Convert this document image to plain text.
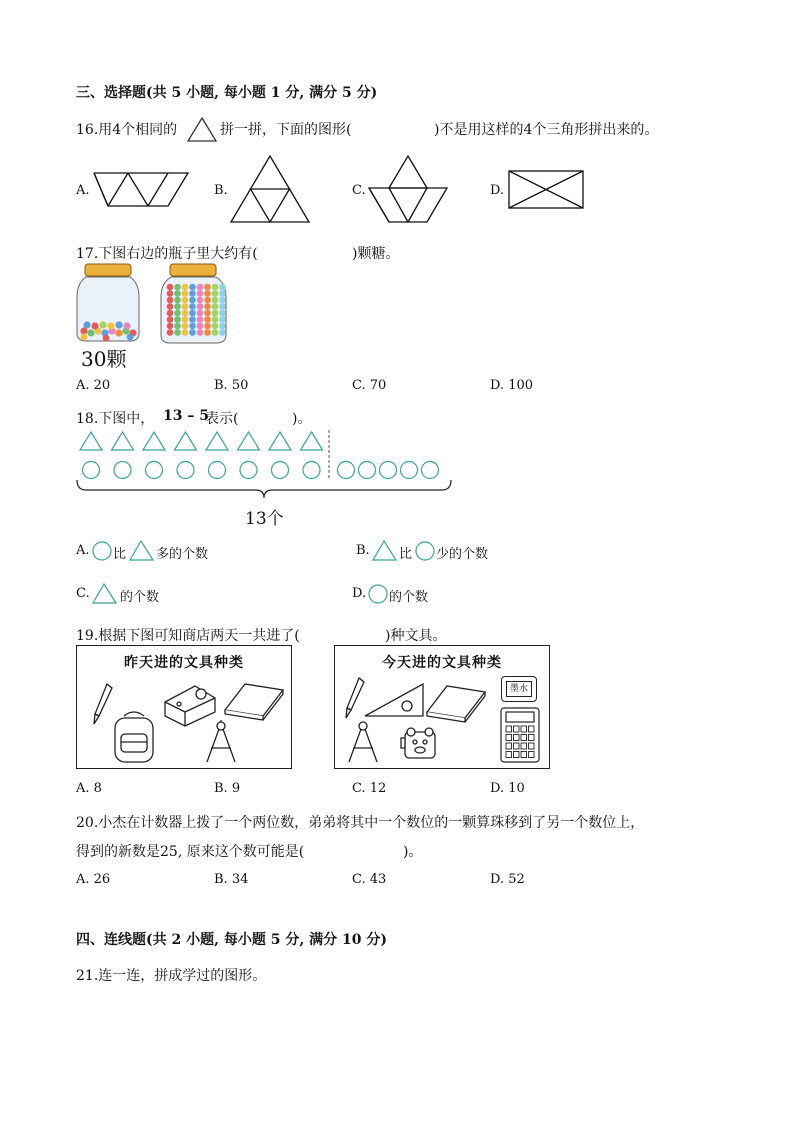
三、选择题(共 5 小题, 每小题 1 分, 满分 5 分)
16.用4个相同的	拼一拼，下面的图形(	)不是用这样的4个三角形拼出来的。
A.	B.	C.	D.
17.下图右边的瓶子里大约有(	)颗糖。
30颗
A. 20	B. 50	C. 70	D. 100
18.下图中， 13 – 5
表示(	)。
13个
A. 比 多的个数	B. 比 少的个数
C. 的个数	D. 的个数
19.根据下图可知商店两天一共进了(	)种文具。
昨天进的文具种类	今天进的文具种类
墨水
A. 8	B. 9	C. 12	D. 10
20.小杰在计数器上拨了一个两位数，弟弟将其中一个数位的一颗算珠移到了另一个数位上，
得到的新数是25, 原来这个数可能是(	)。
A. 26	B. 34	C. 43	D. 52
四、连线题(共 2 小题, 每小题 5 分, 满分 10 分)
21.连一连，拼成学过的图形。
